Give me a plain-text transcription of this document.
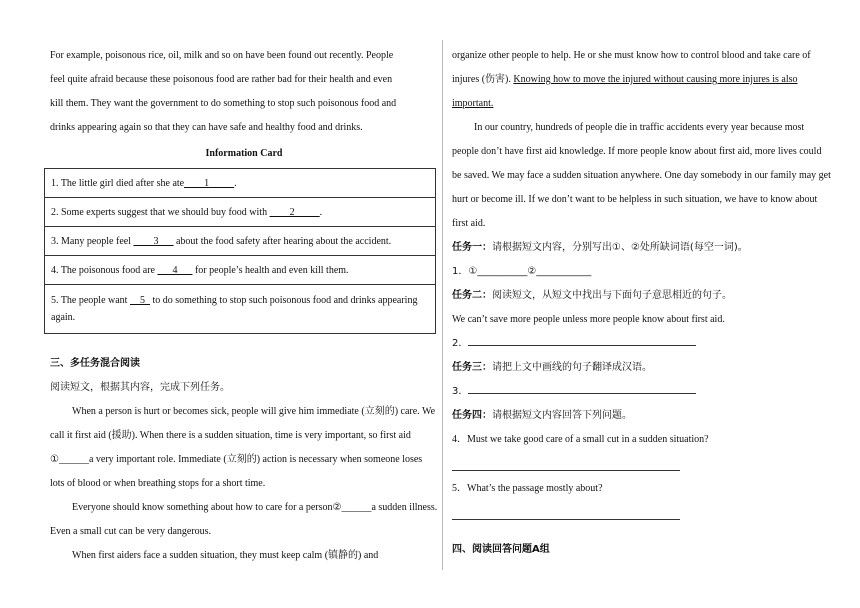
For example, poisonous rice, oil, milk and so on have been found out recently. People

feel quite afraid because these poisonous food are rather bad for their health and even

kill them. They want the government to do something to stop such poisonous food and

drinks appearing again so that they can have safe and healthy food and drinks.

Information Card

1. The little girl died after she ate____1_____.
2. Some experts suggest that we should buy food with ____2_____.
3. Many people feel ____3___ about the food safety after hearing about the accident.
4. The poisonous food are ___4___ for people’s health and even kill them.
5. The people want __5_ to do something to stop such poisonous food and drinks appearing again.

三、多任务混合阅读

阅读短文，根据其内容，完成下列任务。

When a person is hurt or becomes sick, people will give him immediate (立刻的) care. We call it first aid (援助). When there is a sudden situation, time is very important, so first aid ①______a very important role. Immediate (立刻的) action is necessary when someone loses lots of blood or when breathing stops for a short time.

Everyone should know something about how to care for a person②______a sudden illness. Even a small cut can be very dangerous.

When first aiders face a sudden situation, they must keep calm (镇静的) and

organize other people to help. He or she must know how to control blood and take care of injures (伤害). Knowing how to move the injured without causing more injures is also important.

In our country, hundreds of people die in traffic accidents every year because most people don’t have first aid knowledge. If more people know about first aid, more lives could be saved. We may face a sudden situation anywhere. One day somebody in our family may get hurt or become ill. If we don’t want to be helpless in such situation, we have to know about first aid.

任务一：请根据短文内容，分别写出①、②处所缺词语(每空一词)。

1．①__________②___________

任务二：阅读短文，从短文中找出与下面句子意思相近的句子。

We can’t save more people unless more people know about first aid.

2．

任务三：请把上文中画线的句子翻译成汉语。

3．

任务四：请根据短文内容回答下列问题。

4．Must we take good care of a small cut in a sudden situation?

5．What’s the passage mostly about?

四、阅读回答问题A组
